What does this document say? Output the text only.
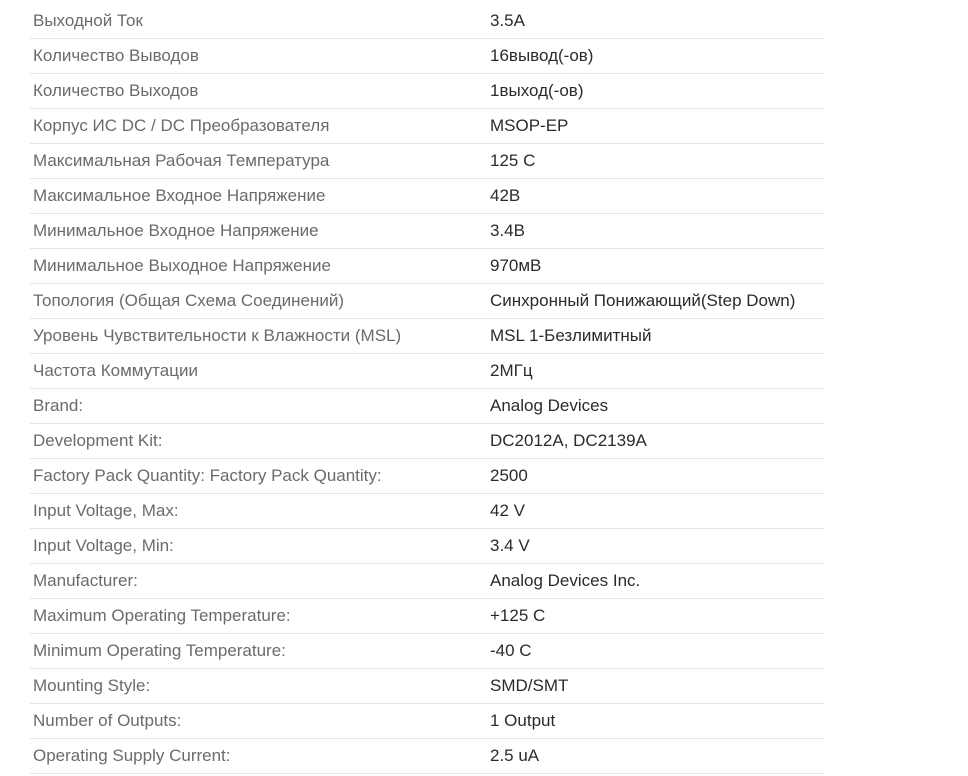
Выходной Ток	3.5A
Количество Выводов	16вывод(-ов)
Количество Выходов	1выход(-ов)
Корпус ИС DC / DC Преобразователя	MSOP-EP
Максимальная Рабочая Температура	125 C
Максимальное Входное Напряжение	42В
Минимальное Входное Напряжение	3.4В
Минимальное Выходное Напряжение	970мВ
Топология (Общая Схема Соединений)	Синхронный Понижающий(Step Down)
Уровень Чувствительности к Влажности (MSL)	MSL 1-Безлимитный
Частота Коммутации	2МГц
Brand:	Analog Devices
Development Kit:	DC2012A, DC2139A
Factory Pack Quantity: Factory Pack Quantity:	2500
Input Voltage, Max:	42 V
Input Voltage, Min:	3.4 V
Manufacturer:	Analog Devices Inc.
Maximum Operating Temperature:	+125 C
Minimum Operating Temperature:	-40 C
Mounting Style:	SMD/SMT
Number of Outputs:	1 Output
Operating Supply Current:	2.5 uA
